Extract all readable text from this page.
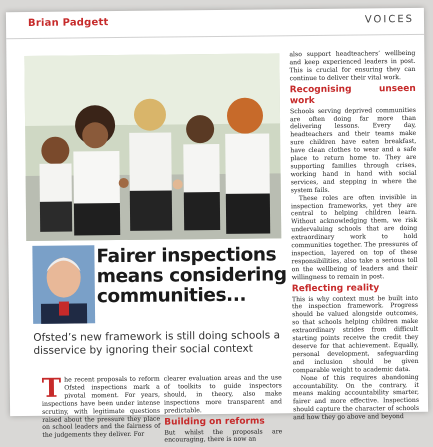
Brian Padgett	VOICES
Fairer inspections means considering communities...

Ofsted’s new framework is still doing schools a disservice by ignoring their social context

The recent proposals to reform Ofsted inspections mark a pivotal moment. For years, inspections have been under intense scrutiny, with legitimate questions raised about the pressure they place on school leaders and the fairness of the judgements they deliver. For

clearer evaluation areas and the use of toolkits to guide inspectors should, in theory, also make inspections more transparent and predictable.

Building on reforms

But whilst the proposals are encouraging, there is now an

also support headteachers’ wellbeing and keep experienced leaders in post. This is crucial for ensuring they can continue to deliver their vital work.

Recognising unseen work

Schools serving deprived communities are often doing far more than delivering lessons. Every day, headteachers and their teams make sure children have eaten breakfast, have clean clothes to wear and a safe place to return home to. They are supporting families through crises, working hand in hand with social services, and stepping in where the system fails.

These roles are often invisible in inspection frameworks, yet they are central to helping children learn. Without acknowledging them, we risk undervaluing schools that are doing extraordinary work to hold communities together. The pressures of inspection, layered on top of these responsibilities, also take a serious toll on the wellbeing of leaders and their willingness to remain in post.

Reflecting reality

This is why context must be built into the inspection framework. Progress should be valued alongside outcomes, so that schools helping children make extraordinary strides from difficult starting points receive the credit they deserve for that achievement. Equally, personal development, safeguarding and inclusion should be given comparable weight to academic data.

None of this requires abandoning accountability. On the contrary, it means making accountability smarter, fairer and more effective. Inspections should capture the character of schools and how they go above and beyond
